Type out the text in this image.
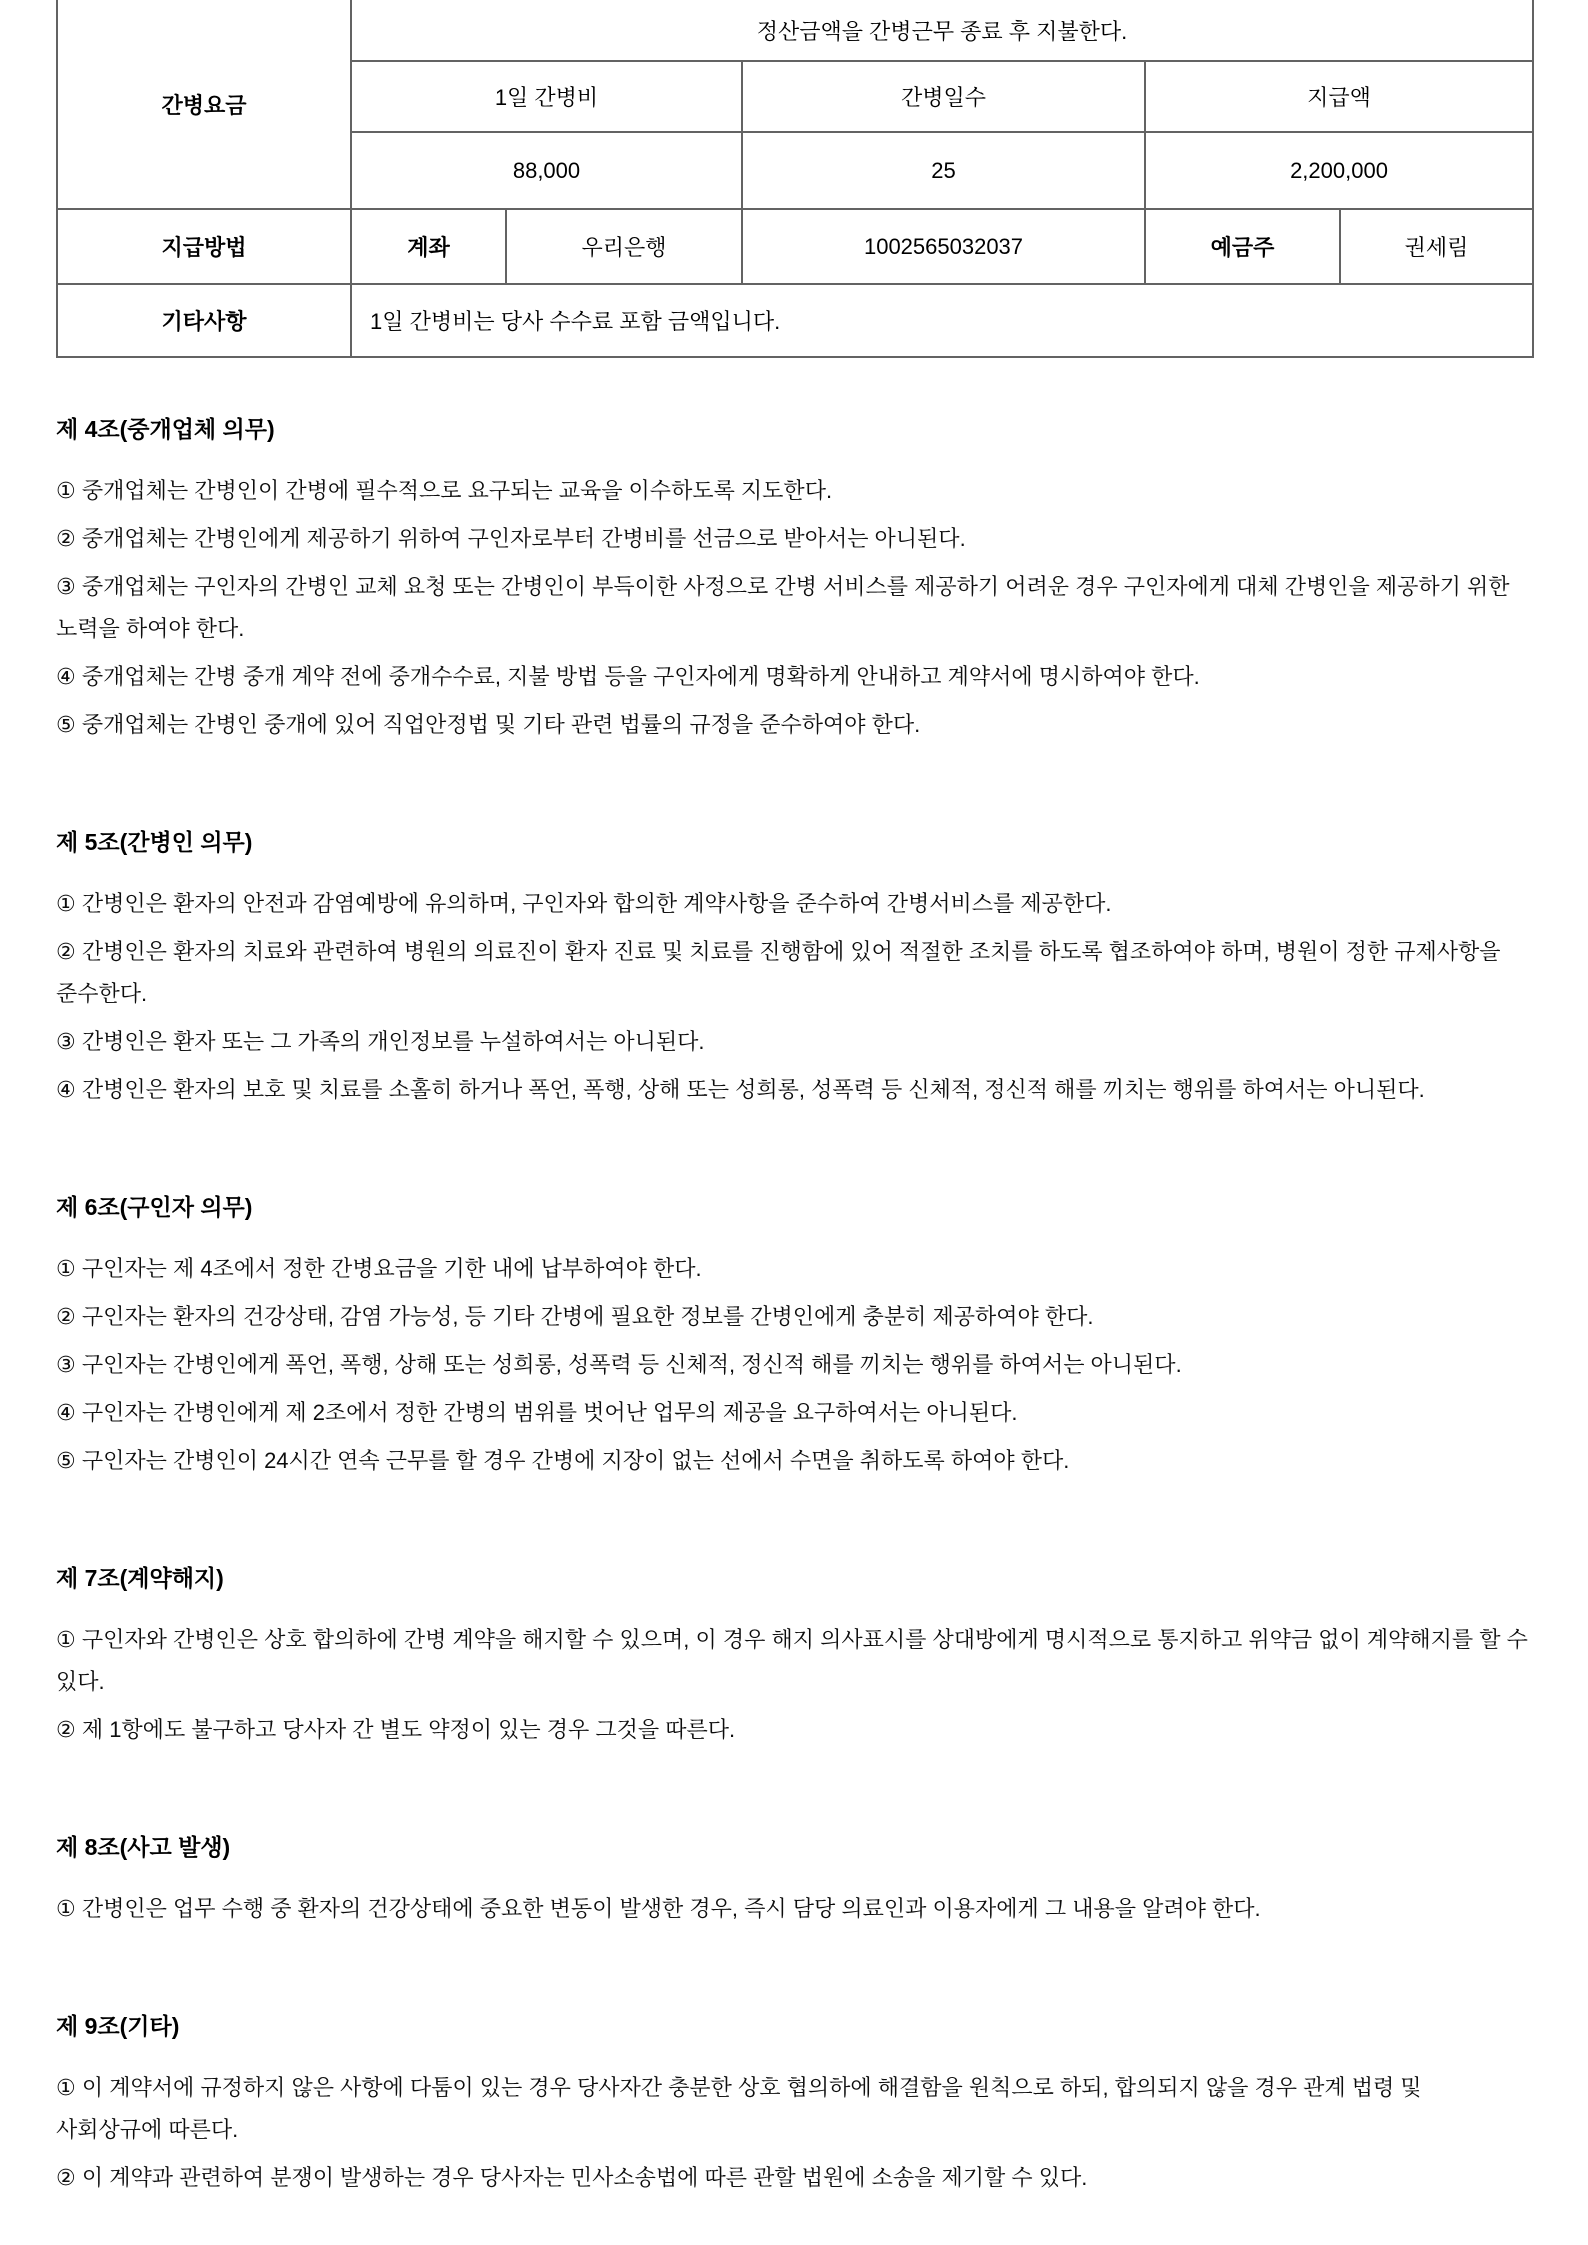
간병요금	정산금액을 간병근무 종료 후 지불한다.				
	1일 간병비		간병일수	지급액	
	88,000		25	2,200,000	
지급방법	계좌	우리은행	1002565032037	예금주	권세림
기타사항	1일 간병비는 당사 수수료 포함 금액입니다.				
제 4조(중개업체 의무)

① 중개업체는 간병인이 간병에 필수적으로 요구되는 교육을 이수하도록 지도한다.

② 중개업체는 간병인에게 제공하기 위하여 구인자로부터 간병비를 선금으로 받아서는 아니된다.

③ 중개업체는 구인자의 간병인 교체 요청 또는 간병인이 부득이한 사정으로 간병 서비스를 제공하기 어려운 경우 구인자에게 대체 간병인을 제공하기 위한 노력을 하여야 한다.

④ 중개업체는 간병 중개 계약 전에 중개수수료, 지불 방법 등을 구인자에게 명확하게 안내하고 계약서에 명시하여야 한다.

⑤ 중개업체는 간병인 중개에 있어 직업안정법 및 기타 관련 법률의 규정을 준수하여야 한다.

제 5조(간병인 의무)

① 간병인은 환자의 안전과 감염예방에 유의하며, 구인자와 합의한 계약사항을 준수하여 간병서비스를 제공한다.

② 간병인은 환자의 치료와 관련하여 병원의 의료진이 환자 진료 및 치료를 진행함에 있어 적절한 조치를 하도록 협조하여야 하며, 병원이 정한 규제사항을 준수한다.

③ 간병인은 환자 또는 그 가족의 개인정보를 누설하여서는 아니된다.

④ 간병인은 환자의 보호 및 치료를 소홀히 하거나 폭언, 폭행, 상해 또는 성희롱, 성폭력 등 신체적, 정신적 해를 끼치는 행위를 하여서는 아니된다.

제 6조(구인자 의무)

① 구인자는 제 4조에서 정한 간병요금을 기한 내에 납부하여야 한다.

② 구인자는 환자의 건강상태, 감염 가능성, 등 기타 간병에 필요한 정보를 간병인에게 충분히 제공하여야 한다.

③ 구인자는 간병인에게 폭언, 폭행, 상해 또는 성희롱, 성폭력 등 신체적, 정신적 해를 끼치는 행위를 하여서는 아니된다.

④ 구인자는 간병인에게 제 2조에서 정한 간병의 범위를 벗어난 업무의 제공을 요구하여서는 아니된다.

⑤ 구인자는 간병인이 24시간 연속 근무를 할 경우 간병에 지장이 없는 선에서 수면을 취하도록 하여야 한다.

제 7조(계약해지)

① 구인자와 간병인은 상호 합의하에 간병 계약을 해지할 수 있으며, 이 경우 해지 의사표시를 상대방에게 명시적으로 통지하고 위약금 없이 계약해지를 할 수 있다.

② 제 1항에도 불구하고 당사자 간 별도 약정이 있는 경우 그것을 따른다.

제 8조(사고 발생)

① 간병인은 업무 수행 중 환자의 건강상태에 중요한 변동이 발생한 경우, 즉시 담당 의료인과 이용자에게 그 내용을 알려야 한다.

제 9조(기타)

① 이 계약서에 규정하지 않은 사항에 다툼이 있는 경우 당사자간 충분한 상호 협의하에 해결함을 원칙으로 하되, 합의되지 않을 경우 관계 법령 및 사회상규에 따른다.

② 이 계약과 관련하여 분쟁이 발생하는 경우 당사자는 민사소송법에 따른 관할 법원에 소송을 제기할 수 있다.
